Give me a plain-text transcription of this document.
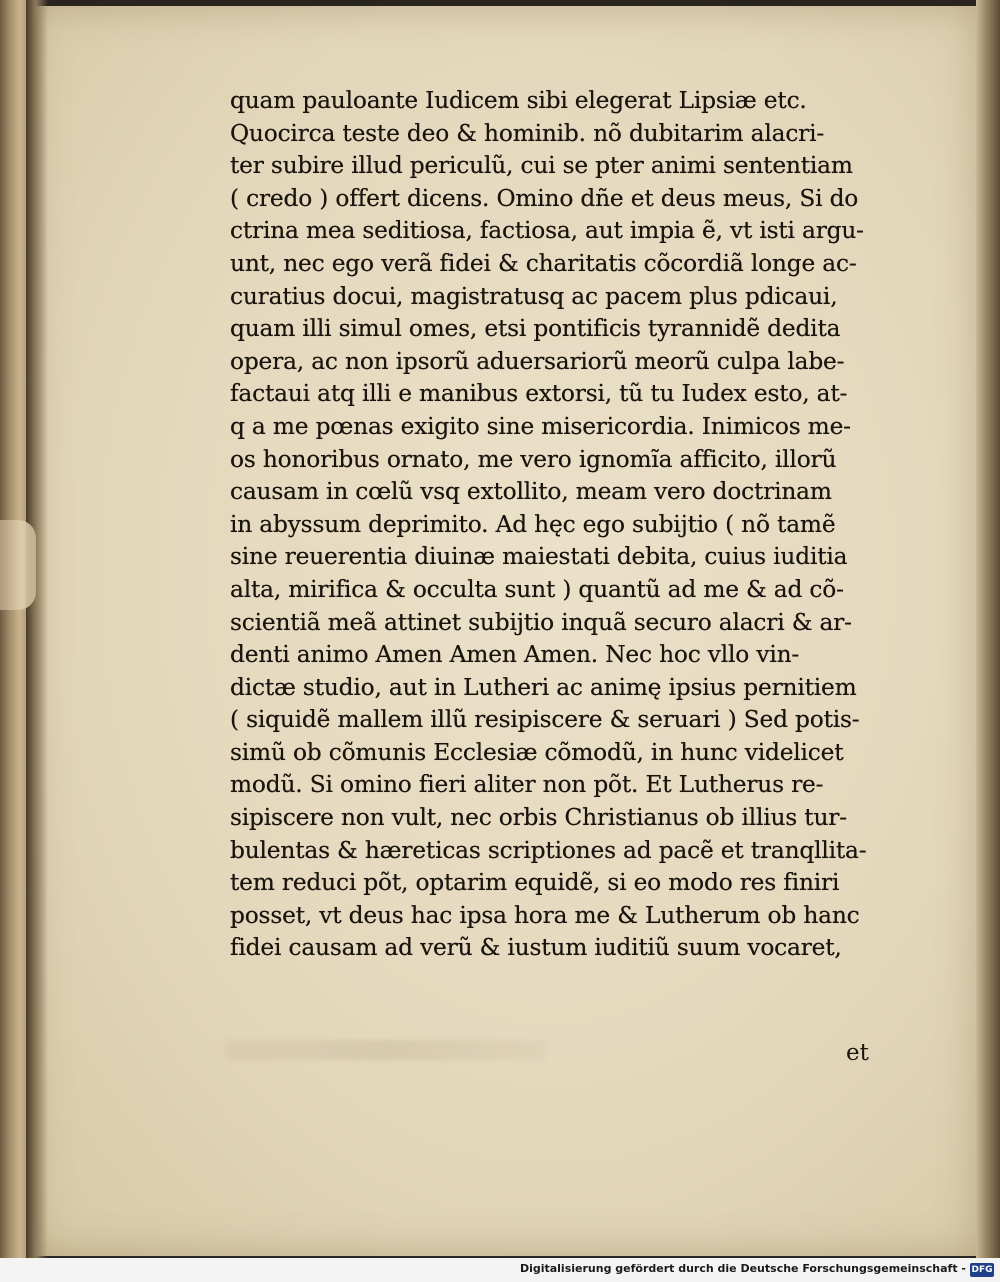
quam pauloante Iudicem sibi elegerat Lipsiæ etc.
Quocirca teste deo & hominib. nõ dubitarim alacri-
ter subire illud periculũ, cui se pter animi sententiam
( credo ) offert dicens. Omino dñe et deus meus, Si do
ctrina mea seditiosa, factiosa, aut impia ẽ, vt isti argu-
unt, nec ego verã fidei & charitatis cõcordiã longe ac-
curatius docui, magistratusq ac pacem plus pdicaui,
quam illi simul omes, etsi pontificis tyrannidẽ dedita
opera, ac non ipsorũ aduersariorũ meorũ culpa labe-
factaui atq illi e manibus extorsi, tũ tu Iudex esto, at-
q a me pœnas exigito sine misericordia. Inimicos me-
os honoribus ornato, me vero ignomĩa afficito, illorũ
causam in cœlũ vsq extollito, meam vero doctrinam
in abyssum deprimito. Ad hęc ego subijtio ( nõ tamẽ
sine reuerentia diuinæ maiestati debita, cuius iuditia
alta, mirifica & occulta sunt ) quantũ ad me & ad cõ-
scientiã meã attinet subijtio inquã securo alacri & ar-
denti animo Amen Amen Amen. Nec hoc vllo vin-
dictæ studio, aut in Lutheri ac animę ipsius pernitiem
( siquidẽ mallem illũ resipiscere & seruari ) Sed potis-
simũ ob cõmunis Ecclesiæ cõmodũ, in hunc videlicet
modũ. Si omino fieri aliter non põt. Et Lutherus re-
sipiscere non vult, nec orbis Christianus ob illius tur-
bulentas & hæreticas scriptiones ad pacẽ et tranqllita-
tem reduci põt, optarim equidẽ, si eo modo res finiri
posset, vt deus hac ipsa hora me & Lutherum ob hanc
fidei causam ad verũ & iustum iuditiũ suum vocaret,
et
Digitalisierung gefördert durch die Deutsche Forschungsgemeinschaft - DFG
